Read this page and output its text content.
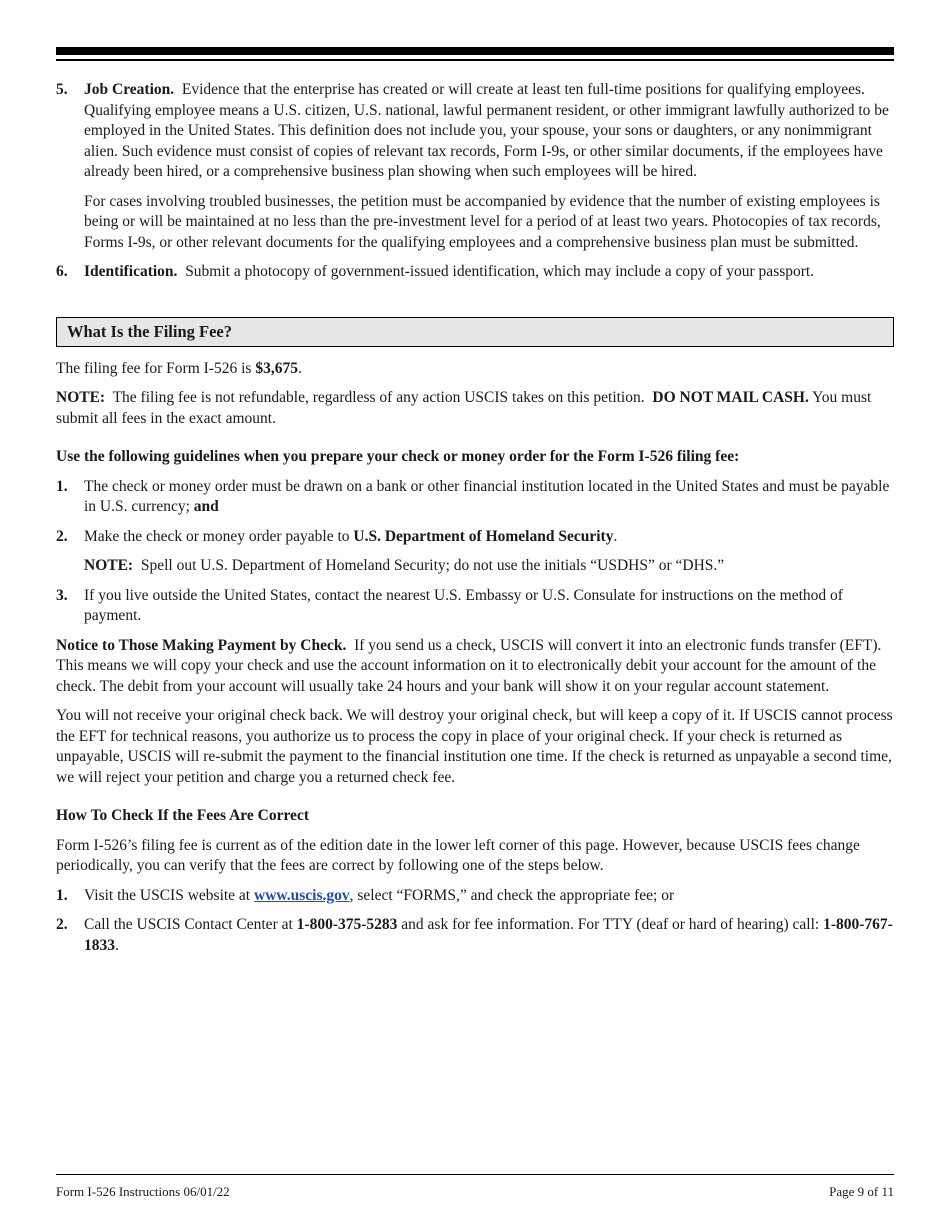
5. Job Creation. Evidence that the enterprise has created or will create at least ten full-time positions for qualifying employees. Qualifying employee means a U.S. citizen, U.S. national, lawful permanent resident, or other immigrant lawfully authorized to be employed in the United States. This definition does not include you, your spouse, your sons or daughters, or any nonimmigrant alien. Such evidence must consist of copies of relevant tax records, Form I-9s, or other similar documents, if the employees have already been hired, or a comprehensive business plan showing when such employees will be hired.

For cases involving troubled businesses, the petition must be accompanied by evidence that the number of existing employees is being or will be maintained at no less than the pre-investment level for a period of at least two years. Photocopies of tax records, Forms I-9s, or other relevant documents for the qualifying employees and a comprehensive business plan must be submitted.

6. Identification. Submit a photocopy of government-issued identification, which may include a copy of your passport.

What Is the Filing Fee?

The filing fee for Form I-526 is $3,675.

NOTE: The filing fee is not refundable, regardless of any action USCIS takes on this petition. DO NOT MAIL CASH. You must submit all fees in the exact amount.

Use the following guidelines when you prepare your check or money order for the Form I-526 filing fee:

1. The check or money order must be drawn on a bank or other financial institution located in the United States and must be payable in U.S. currency; and

2. Make the check or money order payable to U.S. Department of Homeland Security.

NOTE: Spell out U.S. Department of Homeland Security; do not use the initials “USDHS” or “DHS.”

3. If you live outside the United States, contact the nearest U.S. Embassy or U.S. Consulate for instructions on the method of payment.

Notice to Those Making Payment by Check. If you send us a check, USCIS will convert it into an electronic funds transfer (EFT). This means we will copy your check and use the account information on it to electronically debit your account for the amount of the check. The debit from your account will usually take 24 hours and your bank will show it on your regular account statement.

You will not receive your original check back. We will destroy your original check, but will keep a copy of it. If USCIS cannot process the EFT for technical reasons, you authorize us to process the copy in place of your original check. If your check is returned as unpayable, USCIS will re-submit the payment to the financial institution one time. If the check is returned as unpayable a second time, we will reject your petition and charge you a returned check fee.

How To Check If the Fees Are Correct

Form I-526’s filing fee is current as of the edition date in the lower left corner of this page. However, because USCIS fees change periodically, you can verify that the fees are correct by following one of the steps below.

1. Visit the USCIS website at www.uscis.gov, select “FORMS,” and check the appropriate fee; or

2. Call the USCIS Contact Center at 1-800-375-5283 and ask for fee information. For TTY (deaf or hard of hearing) call: 1-800-767-1833.

Form I-526 Instructions 06/01/22	Page 9 of 11
